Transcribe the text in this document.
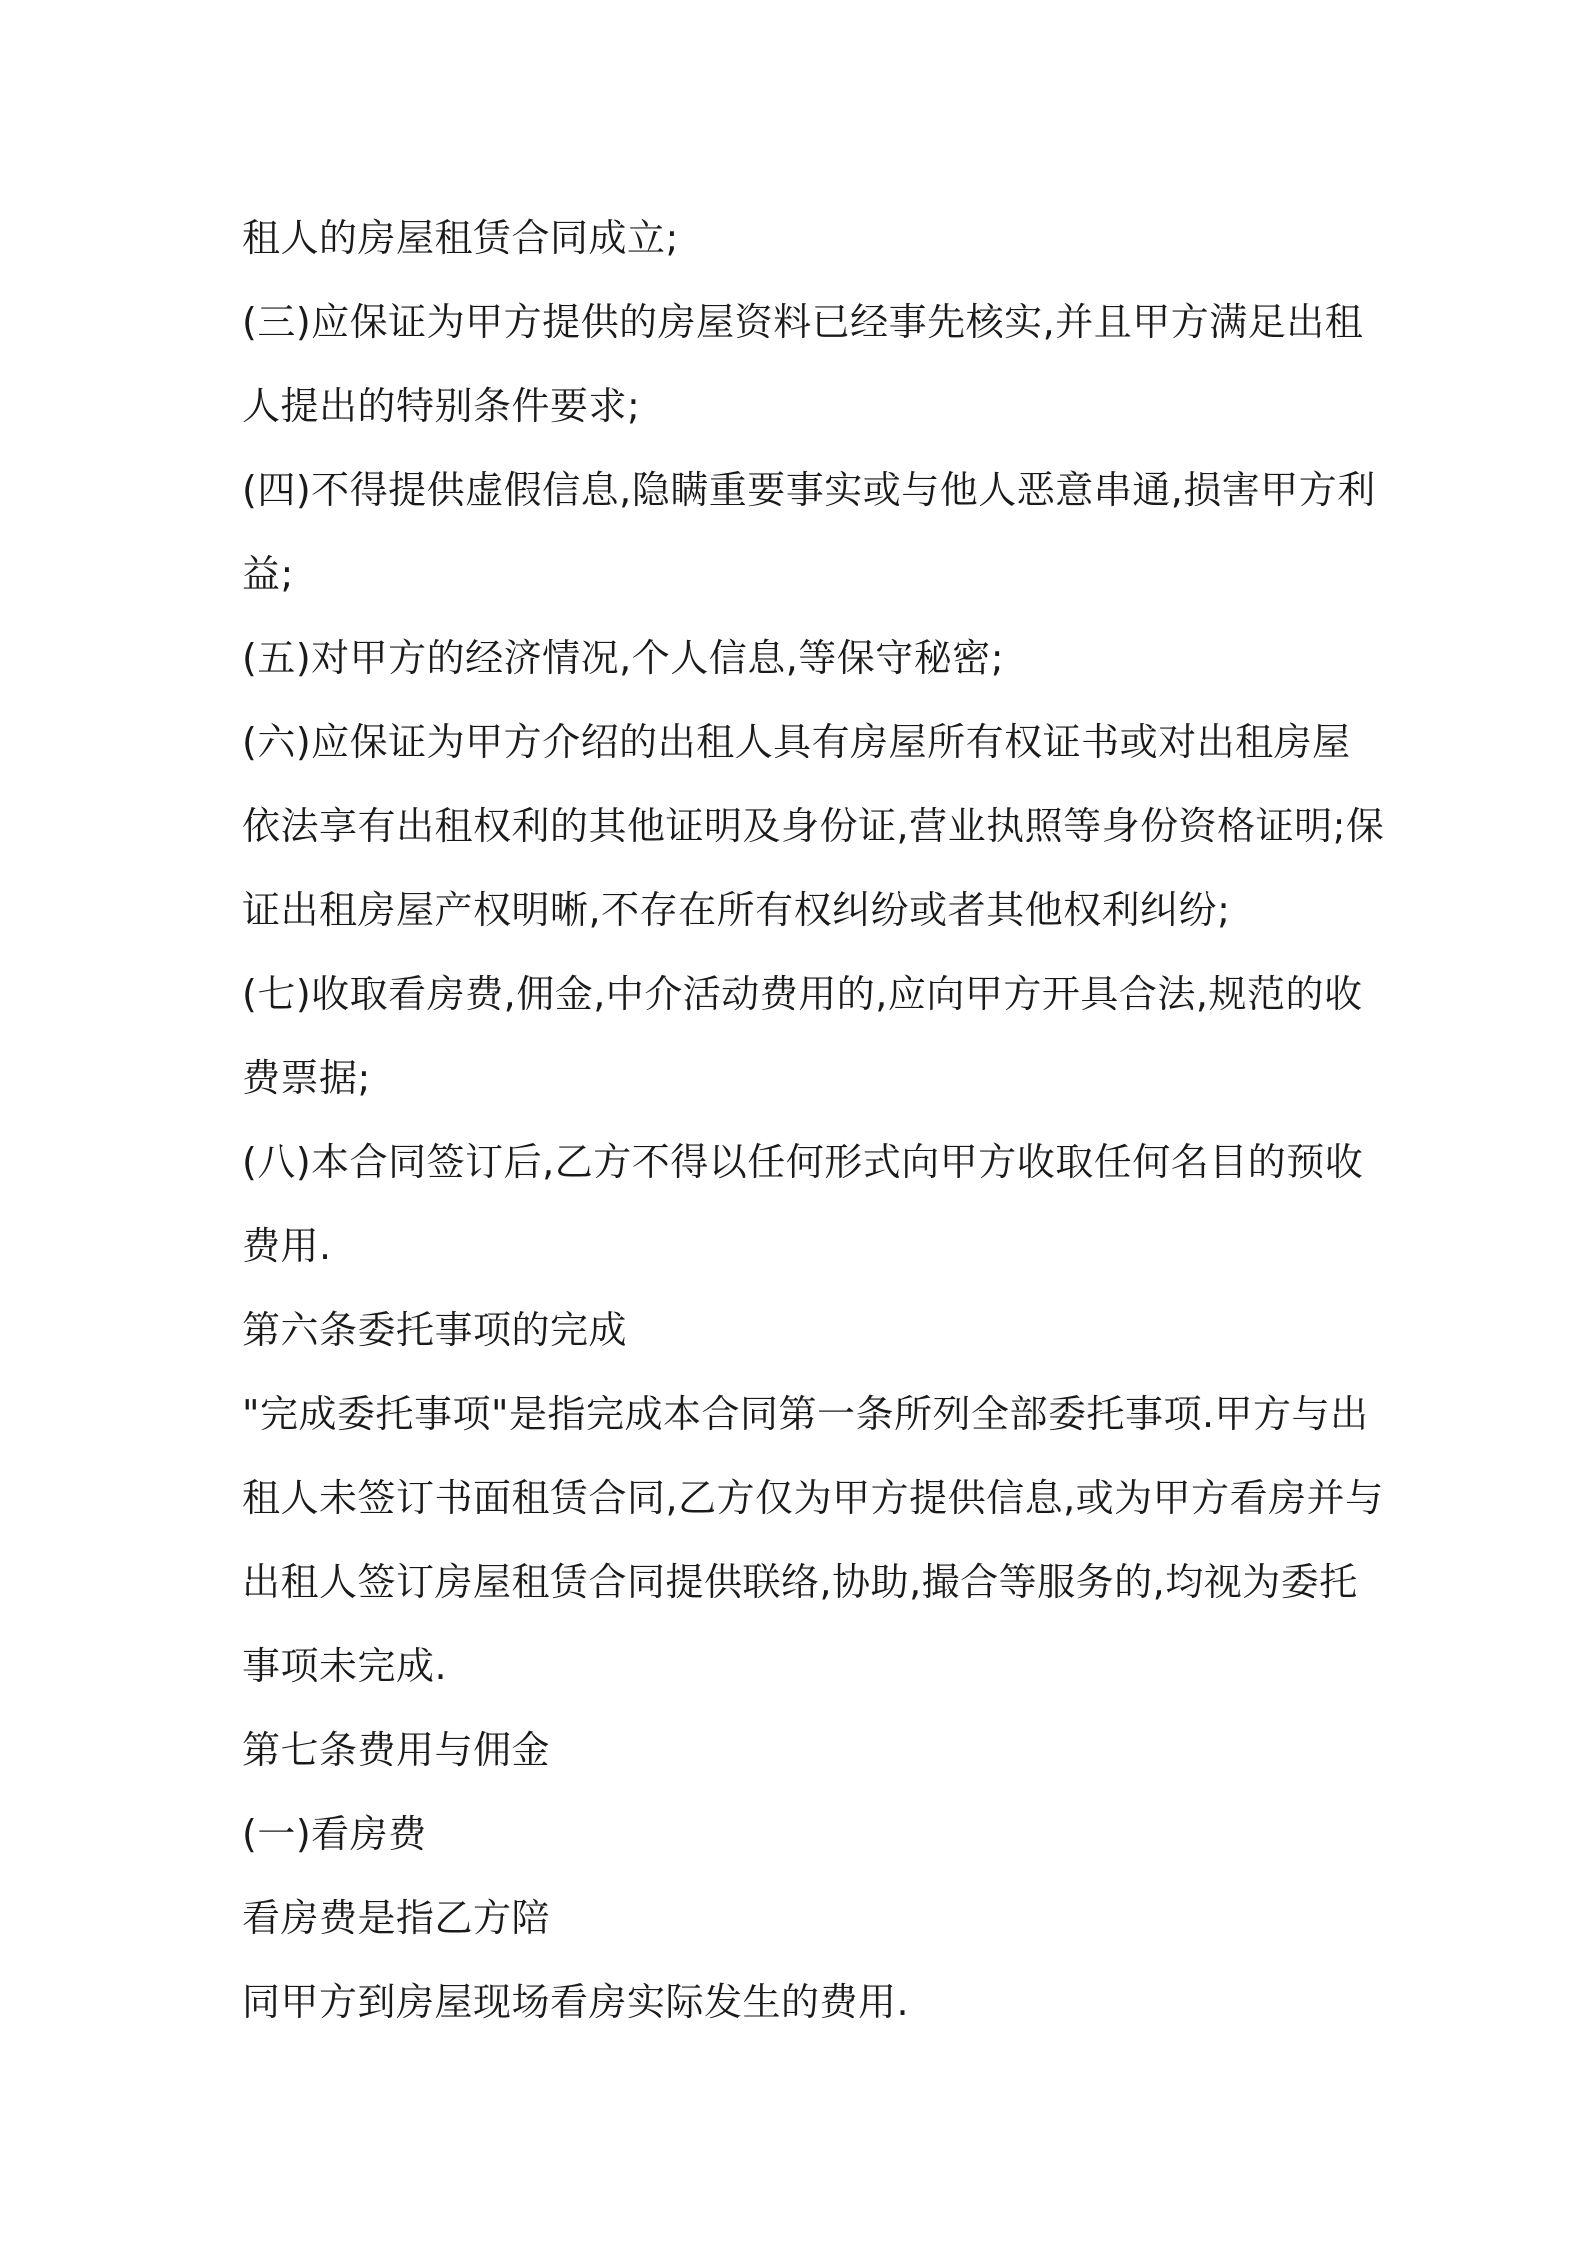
租人的房屋租赁合同成立;

(三)应保证为甲方提供的房屋资料已经事先核实,并且甲方满足出租

人提出的特别条件要求;

(四)不得提供虚假信息,隐瞒重要事实或与他人恶意串通,损害甲方利

益;

(五)对甲方的经济情况,个人信息,等保守秘密;

(六)应保证为甲方介绍的出租人具有房屋所有权证书或对出租房屋

依法享有出租权利的其他证明及身份证,营业执照等身份资格证明;保

证出租房屋产权明晰,不存在所有权纠纷或者其他权利纠纷;

(七)收取看房费,佣金,中介活动费用的,应向甲方开具合法,规范的收

费票据;

(八)本合同签订后,乙方不得以任何形式向甲方收取任何名目的预收

费用.

第六条委托事项的完成

"完成委托事项"是指完成本合同第一条所列全部委托事项.甲方与出

租人未签订书面租赁合同,乙方仅为甲方提供信息,或为甲方看房并与

出租人签订房屋租赁合同提供联络,协助,撮合等服务的,均视为委托

事项未完成.

第七条费用与佣金

(一)看房费

看房费是指乙方陪

同甲方到房屋现场看房实际发生的费用.
